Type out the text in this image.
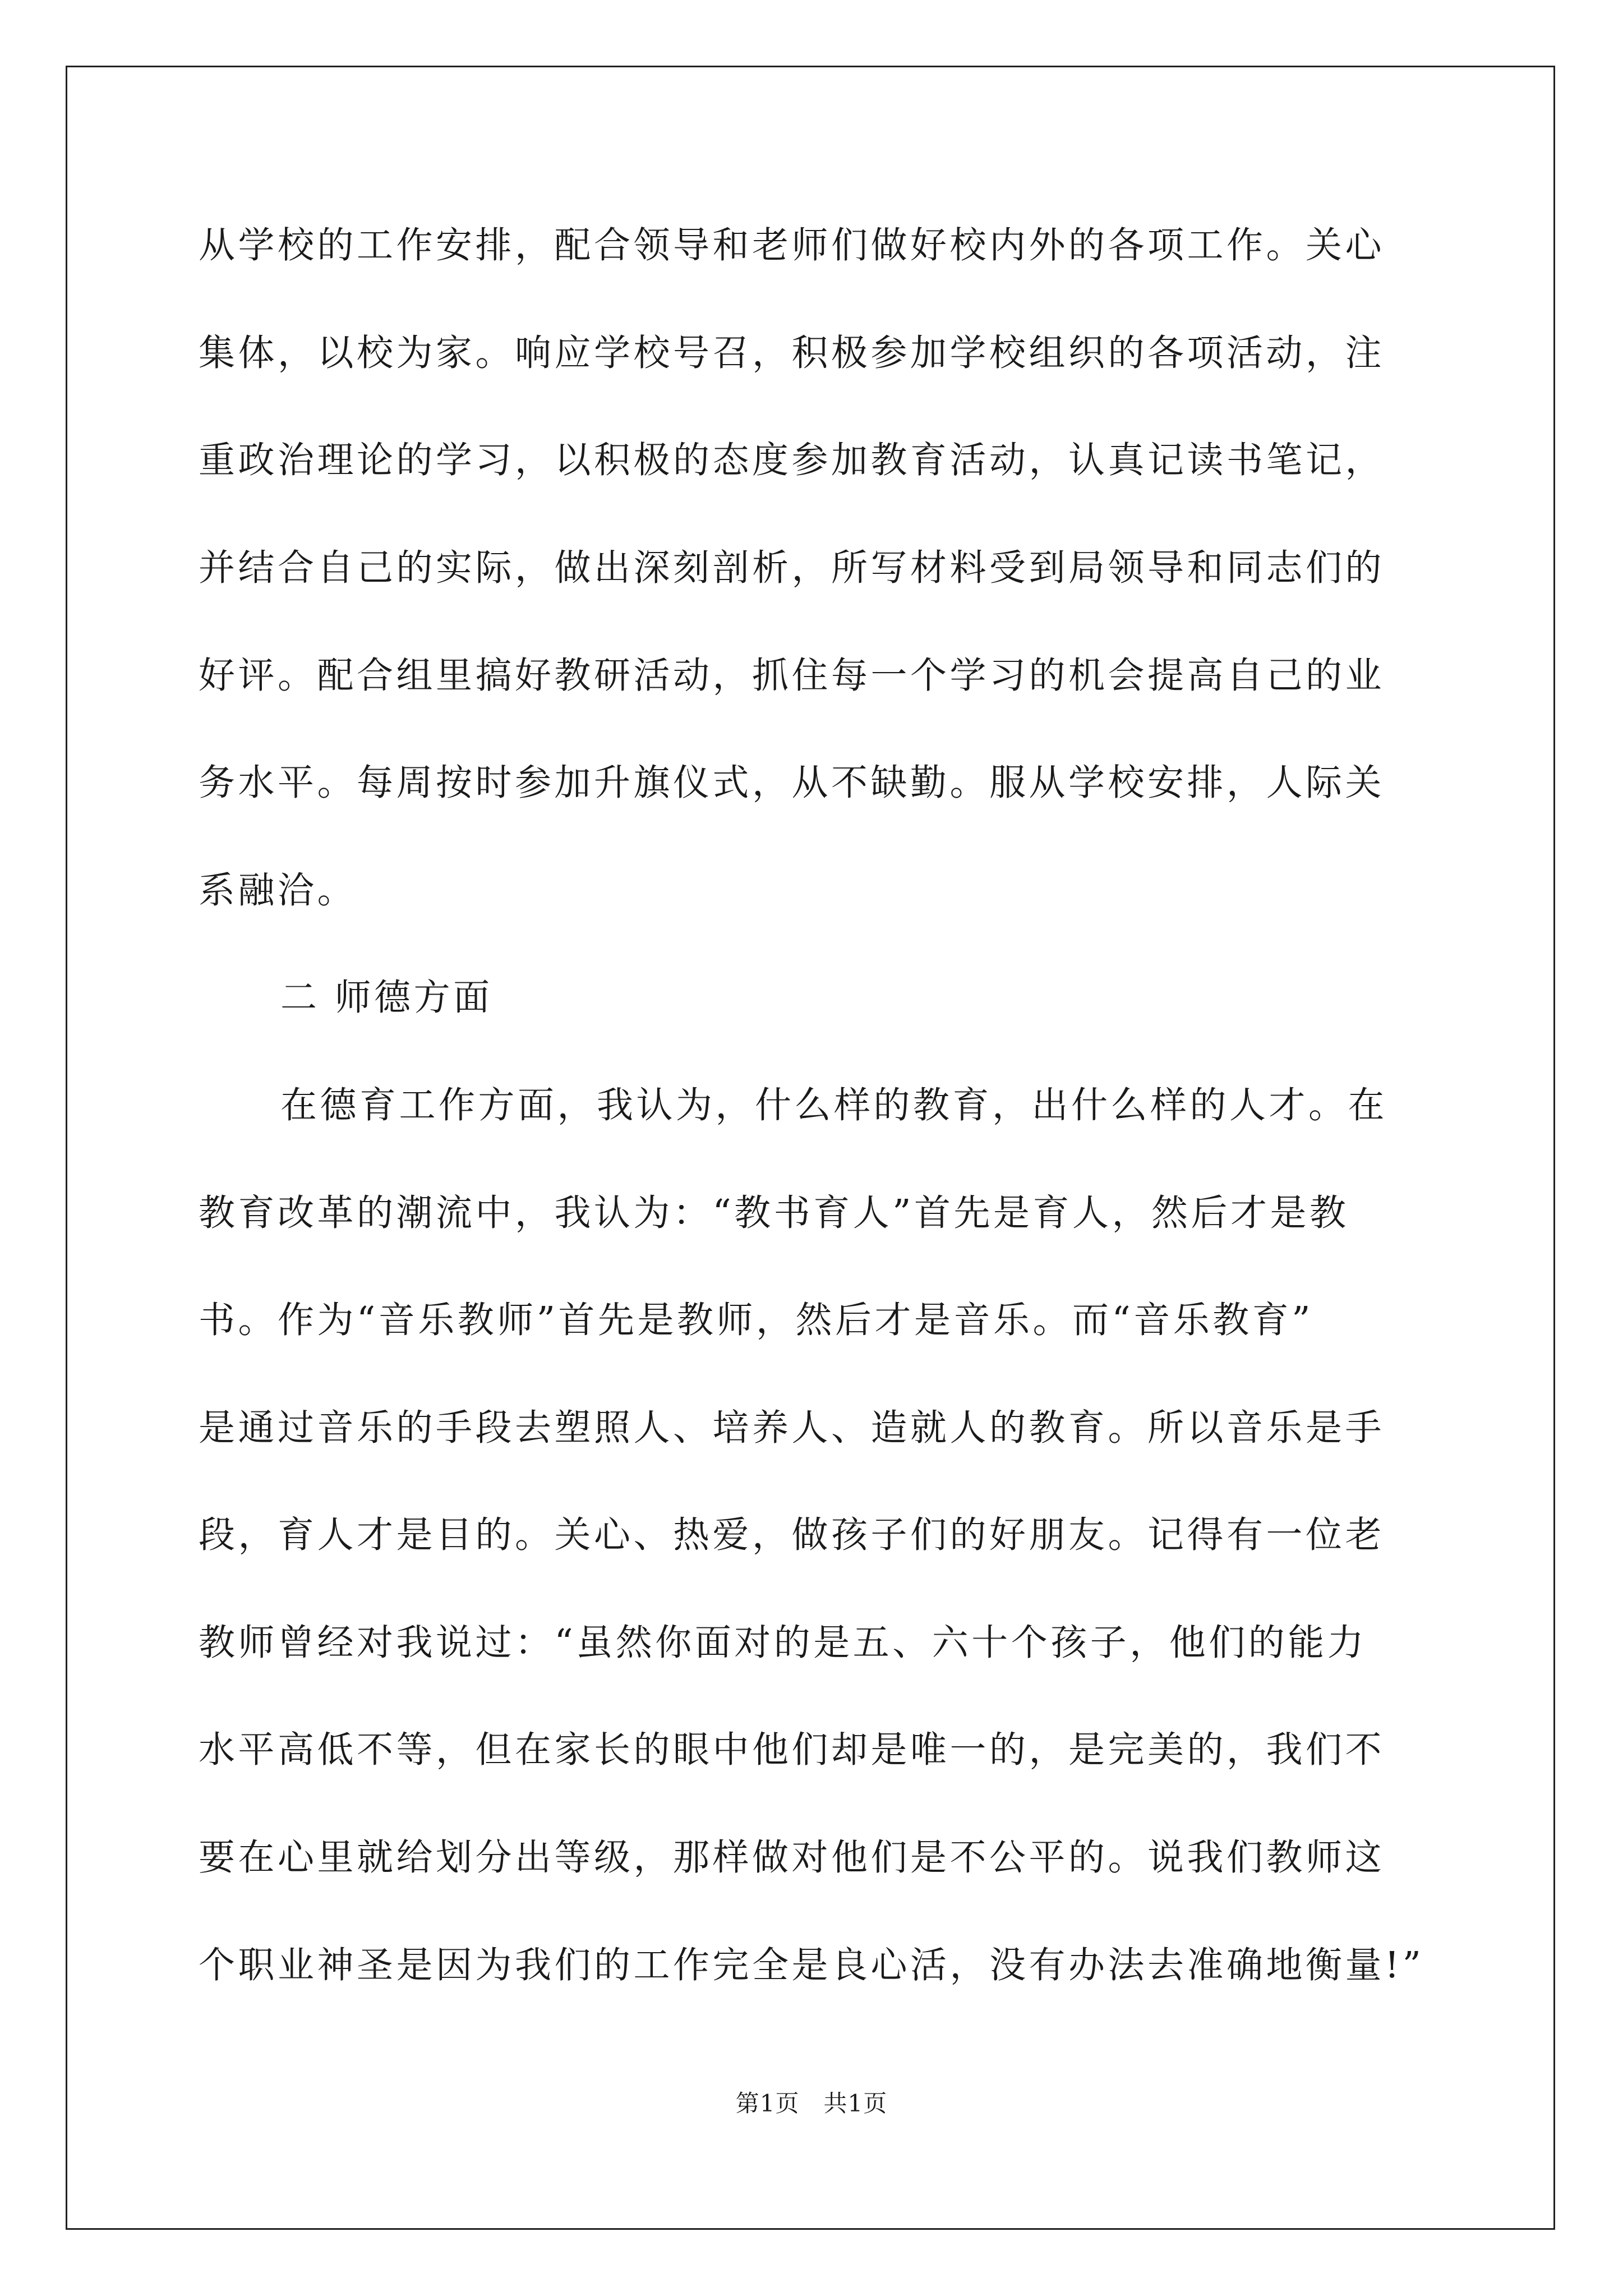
从学校的工作安排，配合领导和老师们做好校内外的各项工作。关心
集体，以校为家。响应学校号召，积极参加学校组织的各项活动，注
重政治理论的学习，以积极的态度参加教育活动，认真记读书笔记，
并结合自己的实际，做出深刻剖析，所写材料受到局领导和同志们的
好评。配合组里搞好教研活动，抓住每一个学习的机会提高自己的业
务水平。每周按时参加升旗仪式，从不缺勤。服从学校安排，人际关
系融洽。
二 师德方面
在德育工作方面，我认为，什么样的教育，出什么样的人才。在
教育改革的潮流中，我认为：“教书育人”首先是育人，然后才是教
书。作为“音乐教师”首先是教师，然后才是音乐。而“音乐教育”
是通过音乐的手段去塑照人、培养人、造就人的教育。所以音乐是手
段，育人才是目的。关心、热爱，做孩子们的好朋友。记得有一位老
教师曾经对我说过：“虽然你面对的是五、六十个孩子，他们的能力
水平高低不等，但在家长的眼中他们却是唯一的，是完美的，我们不
要在心里就给划分出等级，那样做对他们是不公平的。说我们教师这
个职业神圣是因为我们的工作完全是良心活，没有办法去准确地衡量!”
第1页　共1页
